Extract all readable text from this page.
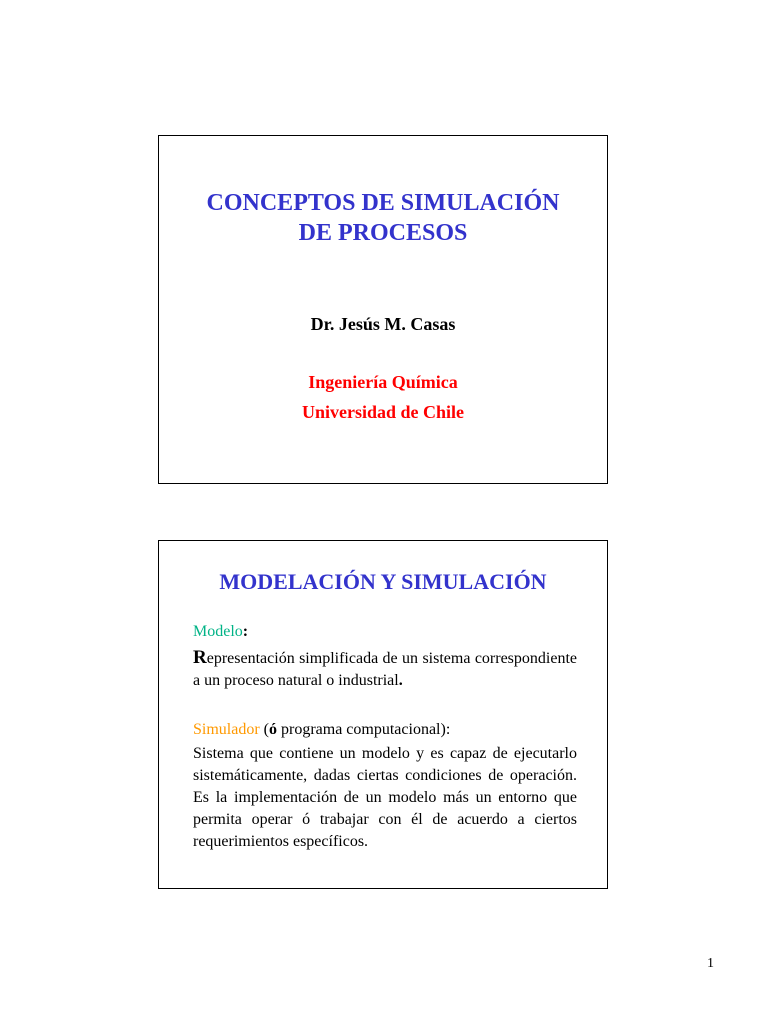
CONCEPTOS DE SIMULACIÓN
DE PROCESOS
Dr. Jesús M. Casas
Ingeniería Química
Universidad de Chile
MODELACIÓN Y SIMULACIÓN
Modelo:
Representación simplificada de un sistema correspondiente a un proceso natural o industrial.
Simulador (ó programa computacional):
Sistema que contiene un modelo y es capaz de ejecutarlo sistemáticamente, dadas ciertas condiciones de operación. Es la implementación de un modelo más un entorno que permita operar ó trabajar con él de acuerdo a ciertos requerimientos específicos.
1
